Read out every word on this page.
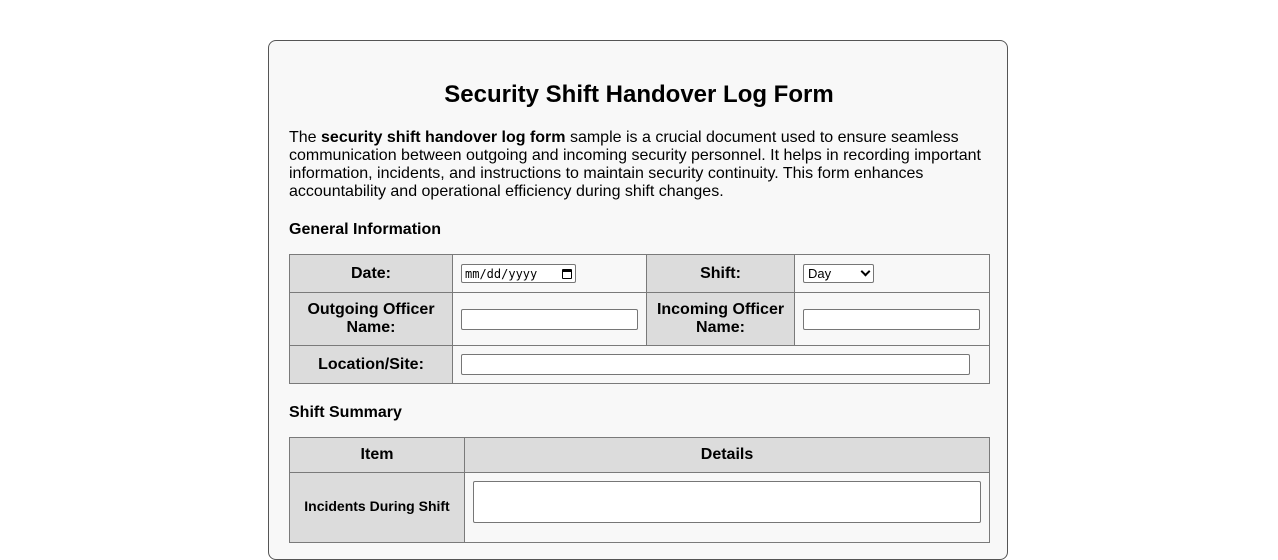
Security Shift Handover Log Form

The security shift handover log form sample is a crucial document used to ensure seamless communication between outgoing and incoming security personnel. It helps in recording important information, incidents, and instructions to maintain security continuity. This form enhances accountability and operational efficiency during shift changes.

General Information
Date:	mm/dd/yyyy	Shift:	Day

Outgoing Officer Name:		Incoming Officer Name:	

Location/Site:			
Shift Summary
Item	Details
Incidents During Shift	
